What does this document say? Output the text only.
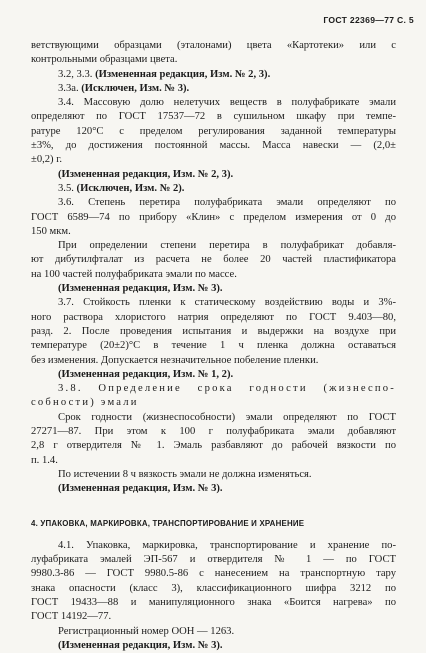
ГОСТ 22369—77 С. 5
ветствующими образцами (эталонами) цвета «Картотеки» или с
контрольными образцами цвета.
3.2, 3.3. (Измененная редакция, Изм. № 2, 3).
3.3а. (Исключен, Изм. № 3).
3.4. Массовую долю нелетучих веществ в полуфабрикате эмали
определяют по ГОСТ 17537—72 в сушильном шкафу при темпе-
ратуре 120°С с пределом регулирования заданной температуры
±3%, до достижения постоянной массы. Масса навески — (2,0±
±0,2) г.
(Измененная редакция, Изм. № 2, 3).
3.5. (Исключен, Изм. № 2).
3.6. Степень перетира полуфабриката эмали определяют по
ГОСТ 6589—74 по прибору «Клин» с пределом измерения от 0 до
150 мкм.
При определении степени перетира в полуфабрикат добавля-
ют дибутилфталат из расчета не более 20 частей пластификатора
на 100 частей полуфабриката эмали по массе.
(Измененная редакция, Изм. № 3).
3.7. Стойкость пленки к статическому воздействию воды и 3%-
ного раствора хлористого натрия определяют по ГОСТ 9.403—80,
разд. 2. После проведения испытания и выдержки на воздухе при
температуре (20±2)°С в течение 1 ч пленка должна оставаться
без изменения. Допускается незначительное побеление пленки.
(Измененная редакция, Изм. № 1, 2).
3.8. Определение срока годности (жизнеспо-
собности) эмали
Срок годности (жизнеспособности) эмали определяют по ГОСТ
27271—87. При этом к 100 г полуфабриката эмали добавляют
2,8 г отвердителя № 1. Эмаль разбавляют до рабочей вязкости по
п. 1.4.
По истечении 8 ч вязкость эмали не должна изменяться.
(Измененная редакция, Изм. № 3).
4. УПАКОВКА, МАРКИРОВКА, ТРАНСПОРТИРОВАНИЕ И ХРАНЕНИЕ
4.1. Упаковка, маркировка, транспортирование и хранение по-
луфабриката эмалей ЭП-567 и отвердителя № 1 — по ГОСТ
9980.3-86 — ГОСТ 9980.5-86 с нанесением на транспортную тару
знака опасности (класс 3), классификационного шифра 3212 по
ГОСТ 19433—88 и манипуляционного знака «Боится нагрева» по
ГОСТ 14192—77.
Регистрационный номер ООН — 1263.
(Измененная редакция, Изм. № 3).
